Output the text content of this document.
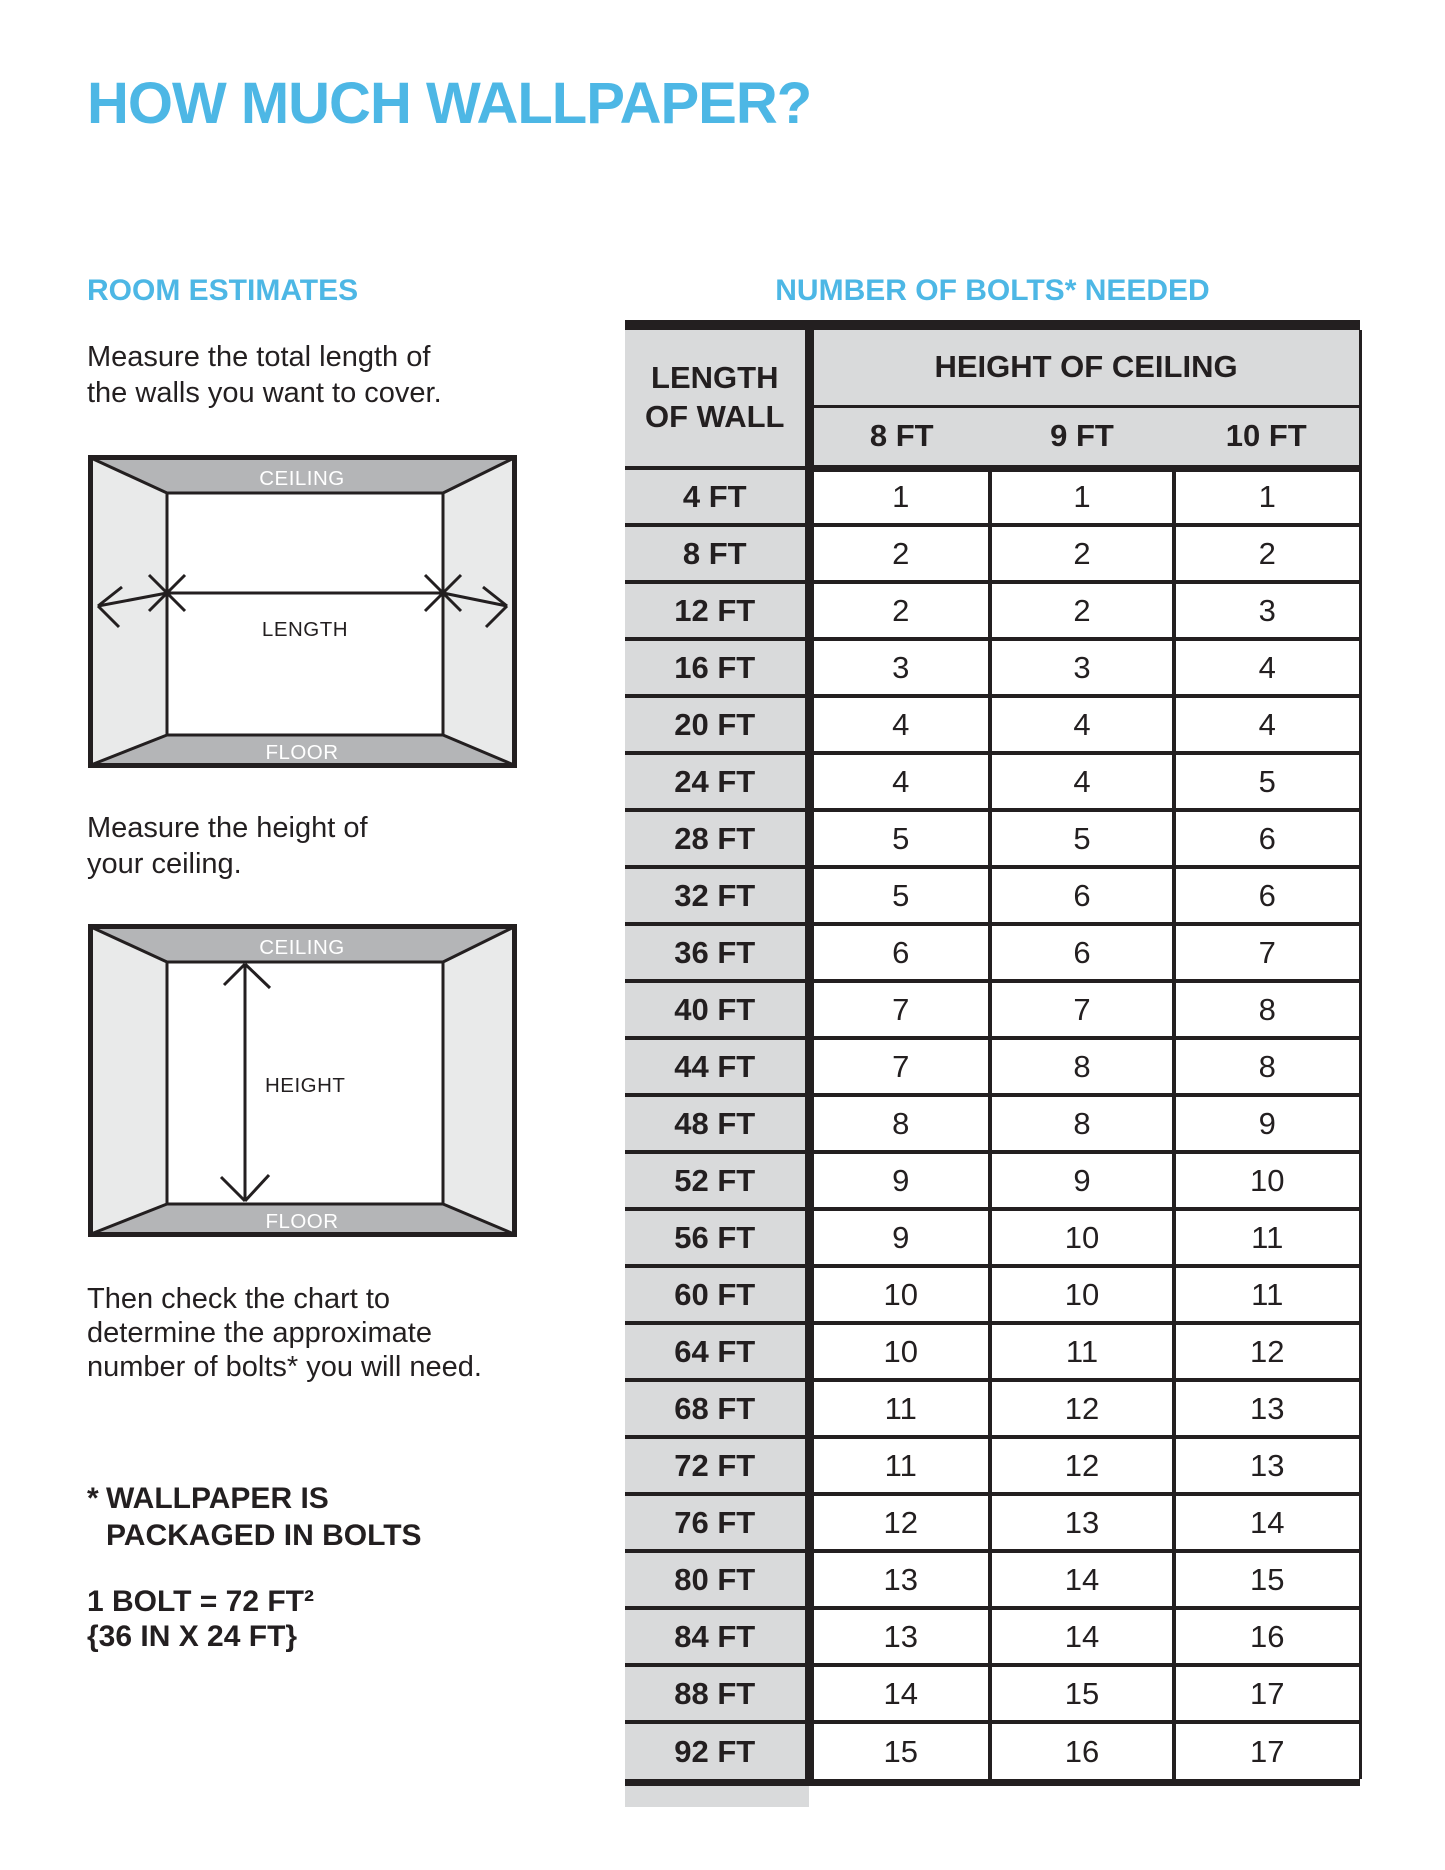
HOW MUCH WALLPAPER?
ROOM ESTIMATES	NUMBER OF BOLTS* NEEDED
Measure the total length of
the walls you want to cover.
CEILING
FLOOR
LENGTH
Measure the height of
your ceiling.
CEILING
FLOOR
HEIGHT
Then check the chart to
determine the approximate
number of bolts* you will need.
* WALLPAPER IS
PACKAGED IN BOLTS
1 BOLT = 72 FT²
{36 IN X 24 FT}
LENGTH
OF WALL	HEIGHT OF CEILING		
	8 FT	9 FT	10 FT
4 FT	1	1	1
8 FT	2	2	2
12 FT	2	2	3
16 FT	3	3	4
20 FT	4	4	4
24 FT	4	4	5
28 FT	5	5	6
32 FT	5	6	6
36 FT	6	6	7
40 FT	7	7	8
44 FT	7	8	8
48 FT	8	8	9
52 FT	9	9	10
56 FT	9	10	11
60 FT	10	10	11
64 FT	10	11	12
68 FT	11	12	13
72 FT	11	12	13
76 FT	12	13	14
80 FT	13	14	15
84 FT	13	14	16
88 FT	14	15	17
92 FT	15	16	17
